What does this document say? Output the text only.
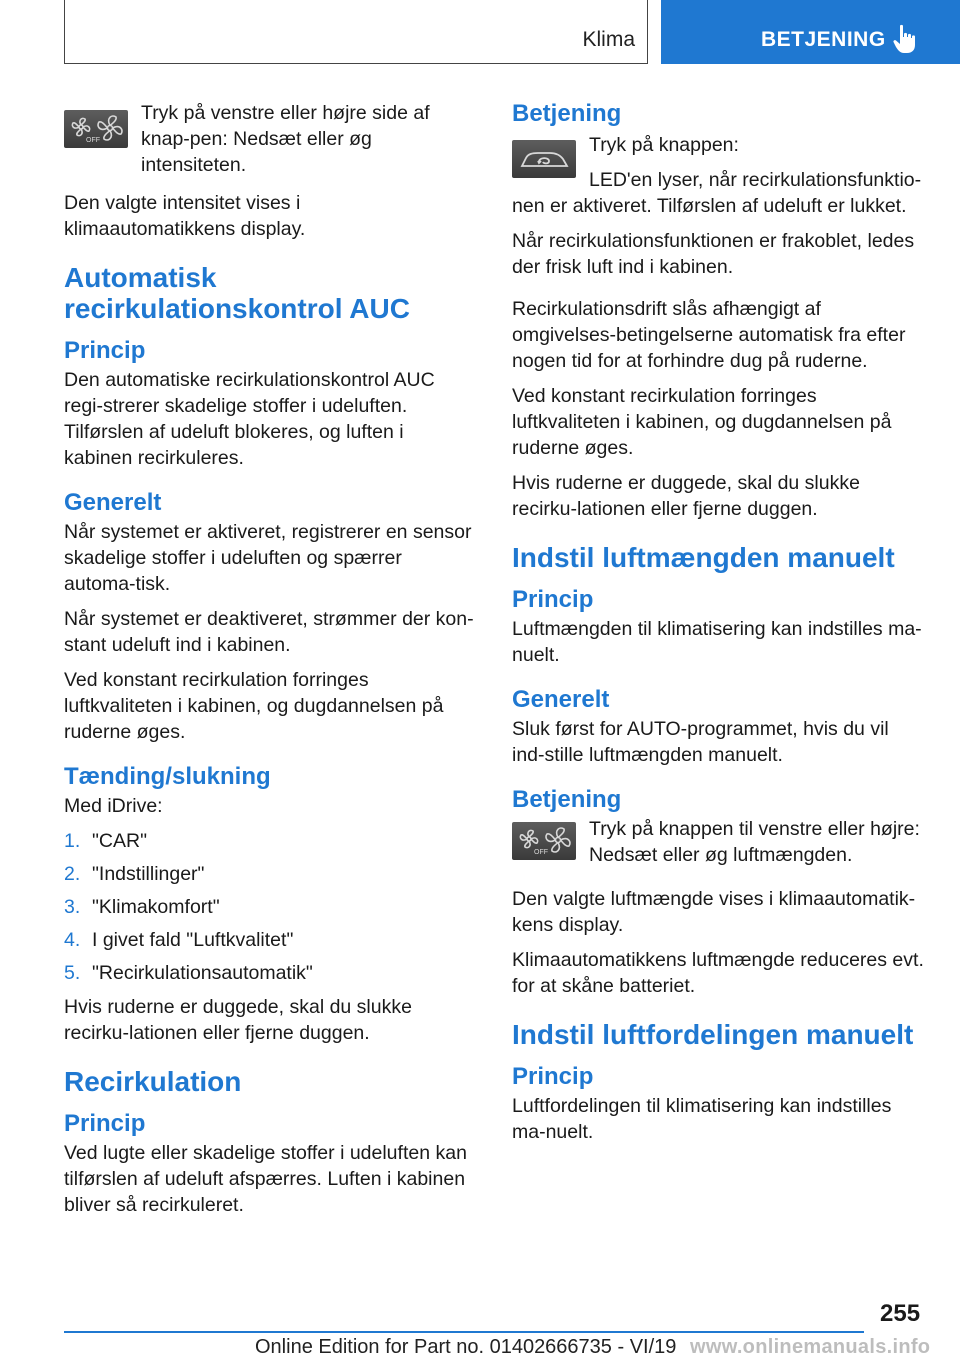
Klima	BETJENING
OFF

Tryk på venstre eller højre side af knap-pen: Nedsæt eller øg intensiteten.

Den valgte intensitet vises i klimaautomatikkens display.

Automatisk recirkulationskontrol AUC
Princip

Den automatiske recirkulationskontrol AUC regi-strerer skadelige stoffer i udeluften. Tilførslen af udeluft blokeres, og luften i kabinen recirkuleres.

Generelt

Når systemet er aktiveret, registrerer en sensor skadelige stoffer i udeluften og spærrer automa-tisk.

Når systemet er deaktiveret, strømmer der kon-stant udeluft ind i kabinen.

Ved konstant recirkulation forringes luftkvaliteten i kabinen, og dugdannelsen på ruderne øges.

Tænding/slukning

Med iDrive:

1. "CAR"
2. "Indstillinger"
3. "Klimakomfort"
4. I givet fald "Luftkvalitet"
5. "Recirkulationsautomatik"

Hvis ruderne er duggede, skal du slukke recirku-lationen eller fjerne duggen.

Recirkulation
Princip

Ved lugte eller skadelige stoffer i udeluften kan tilførslen af udeluft afspærres. Luften i kabinen bliver så recirkuleret.

Betjening

Tryk på knappen:

LED'en lyser, når recirkulationsfunktio-nen er aktiveret. Tilførslen af udeluft er lukket.

Når recirkulationsfunktionen er frakoblet, ledes der frisk luft ind i kabinen.

Recirkulationsdrift slås afhængigt af omgivelses-betingelserne automatisk fra efter nogen tid for at forhindre dug på ruderne.

Ved konstant recirkulation forringes luftkvaliteten i kabinen, og dugdannelsen på ruderne øges.

Hvis ruderne er duggede, skal du slukke recirku-lationen eller fjerne duggen.

Indstil luftmængden manuelt
Princip

Luftmængden til klimatisering kan indstilles ma-nuelt.

Generelt

Sluk først for AUTO-programmet, hvis du vil ind-stille luftmængden manuelt.

Betjening
OFF

Tryk på knappen til venstre eller højre: Nedsæt eller øg luftmængden.

Den valgte luftmængde vises i klimaautomatik-kens display.

Klimaautomatikkens luftmængde reduceres evt. for at skåne batteriet.

Indstil luftfordelingen manuelt
Princip

Luftfordelingen til klimatisering kan indstilles ma-nuelt.

255
Online Edition for Part no. 01402666735 - VI/19 www.onlinemanuals.info
